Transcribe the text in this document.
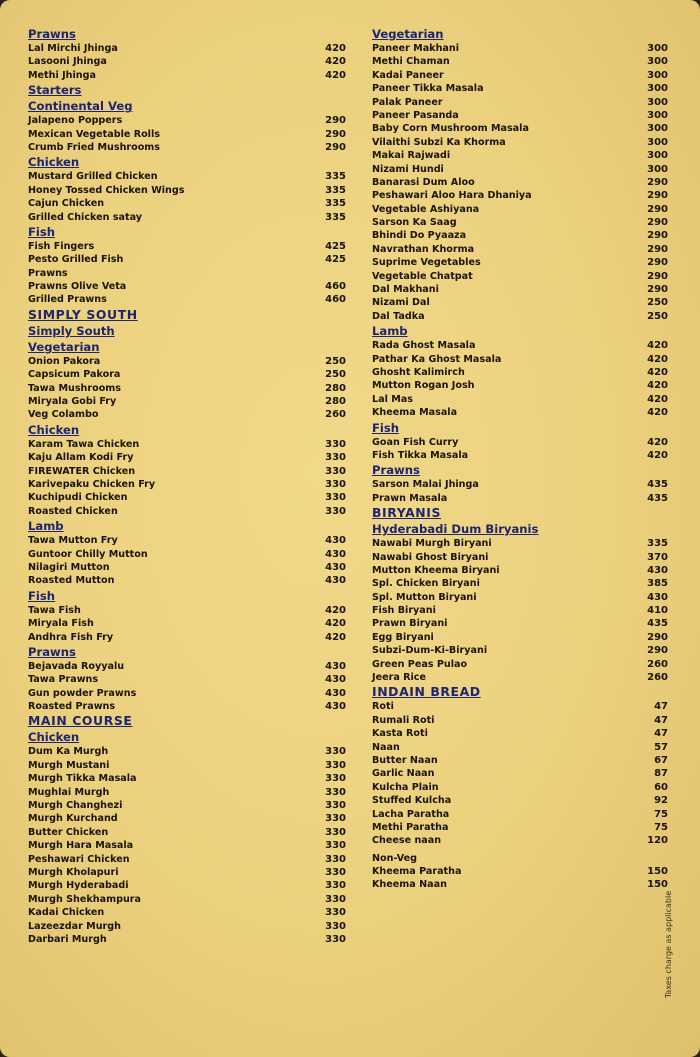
Prawns
Lal Mirchi Jhinga	420
Lasooni Jhinga	420
Methi Jhinga	420
Starters
Continental Veg
Jalapeno Poppers	290
Mexican Vegetable Rolls	290
Crumb Fried Mushrooms	290
Chicken
Mustard Grilled Chicken	335
Honey Tossed Chicken Wings	335
Cajun Chicken	335
Grilled Chicken satay	335
Fish
Fish Fingers	425
Pesto Grilled Fish	425
Prawns
Prawns Olive Veta	460
Grilled Prawns	460
SIMPLY SOUTH
Simply South
Vegetarian
Onion Pakora	250
Capsicum Pakora	250
Tawa Mushrooms	280
Miryala Gobi Fry	280
Veg Colambo	260
Chicken
Karam Tawa Chicken	330
Kaju Allam Kodi Fry	330
FIREWATER Chicken	330
Karivepaku Chicken Fry	330
Kuchipudi Chicken	330
Roasted Chicken	330
Lamb
Tawa Mutton Fry	430
Guntoor Chilly Mutton	430
Nilagiri Mutton	430
Roasted Mutton	430
Fish
Tawa Fish	420
Miryala Fish	420
Andhra Fish Fry	420
Prawns
Bejavada Royyalu	430
Tawa Prawns	430
Gun powder Prawns	430
Roasted Prawns	430
MAIN COURSE
Chicken
Dum Ka Murgh	330
Murgh Mustani	330
Murgh Tikka Masala	330
Mughlai Murgh	330
Murgh Changhezi	330
Murgh Kurchand	330
Butter Chicken	330
Murgh Hara Masala	330
Peshawari Chicken	330
Murgh Kholapuri	330
Murgh Hyderabadi	330
Murgh Shekhampura	330
Kadai Chicken	330
Lazeezdar Murgh	330
Darbari Murgh	330
Vegetarian
Paneer Makhani	300
Methi Chaman	300
Kadai Paneer	300
Paneer Tikka Masala	300
Palak Paneer	300
Paneer Pasanda	300
Baby Corn Mushroom Masala	300
Vilaithi Subzi Ka Khorma	300
Makai Rajwadi	300
Nizami Hundi	300
Banarasi Dum Aloo	290
Peshawari Aloo Hara Dhaniya	290
Vegetable Ashiyana	290
Sarson Ka Saag	290
Bhindi Do Pyaaza	290
Navrathan Khorma	290
Suprime Vegetables	290
Vegetable Chatpat	290
Dal Makhani	290
Nizami Dal	250
Dal Tadka	250
Lamb
Rada Ghost Masala	420
Pathar Ka Ghost Masala	420
Ghosht Kalimirch	420
Mutton Rogan Josh	420
Lal Mas	420
Kheema Masala	420
Fish
Goan Fish Curry	420
Fish Tikka Masala	420
Prawns
Sarson Malai Jhinga	435
Prawn Masala	435
BIRYANIS
Hyderabadi Dum Biryanis
Nawabi Murgh Biryani	335
Nawabi Ghost Biryani	370
Mutton Kheema Biryani	430
Spl. Chicken Biryani	385
Spl. Mutton Biryani	430
Fish Biryani	410
Prawn Biryani	435
Egg Biryani	290
Subzi-Dum-Ki-Biryani	290
Green Peas Pulao	260
Jeera Rice	260
INDAIN BREAD
Roti	47
Rumali Roti	47
Kasta Roti	47
Naan	57
Butter Naan	67
Garlic Naan	87
Kulcha Plain	60
Stuffed Kulcha	92
Lacha Paratha	75
Methi Paratha	75
Cheese naan	120
Non-Veg
Kheema Paratha	150
Kheema Naan	150
Taxes charge as applicable
